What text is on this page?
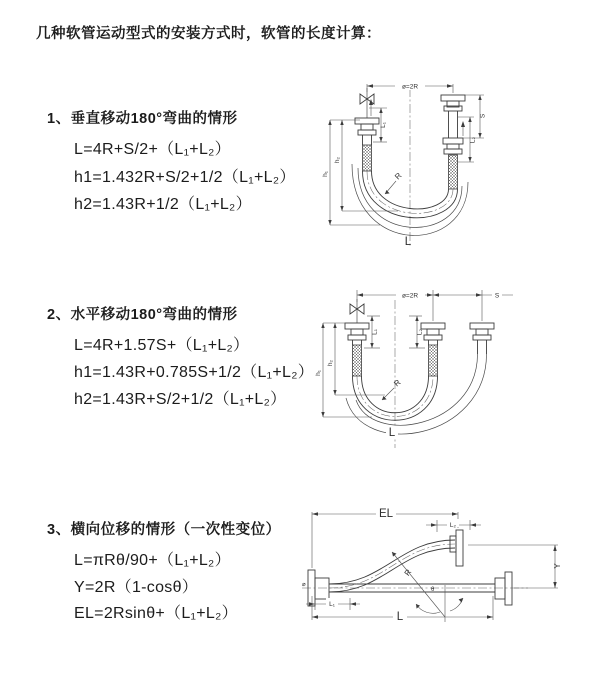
几种软管运动型式的安装方式时，软管的长度计算：
1、垂直移动180°弯曲的情形
L=4R+S/2+（L₁+L₂）
h1=1.432R+S/2+1/2（L₁+L₂）
h2=1.43R+1/2（L₁+L₂）
2、水平移动180°弯曲的情形
L=4R+1.57S+（L₁+L₂）
h1=1.43R+0.785S+1/2（L₁+L₂）
h2=1.43R+S/2+1/2（L₁+L₂）
3、横向位移的情形（一次性变位）
L=πRθ/90+（L₁+L₂）
Y=2R（1-cosθ）
EL=2Rsinθ+（L₁+L₂）
ø=2R
L₁
S
L₂
h₂
h₁	R
L
ø=2R	S
L₁	L₂
h₂
h₁
R
L
⌀
EL
L₂
Y
R
θ
L₁
L
